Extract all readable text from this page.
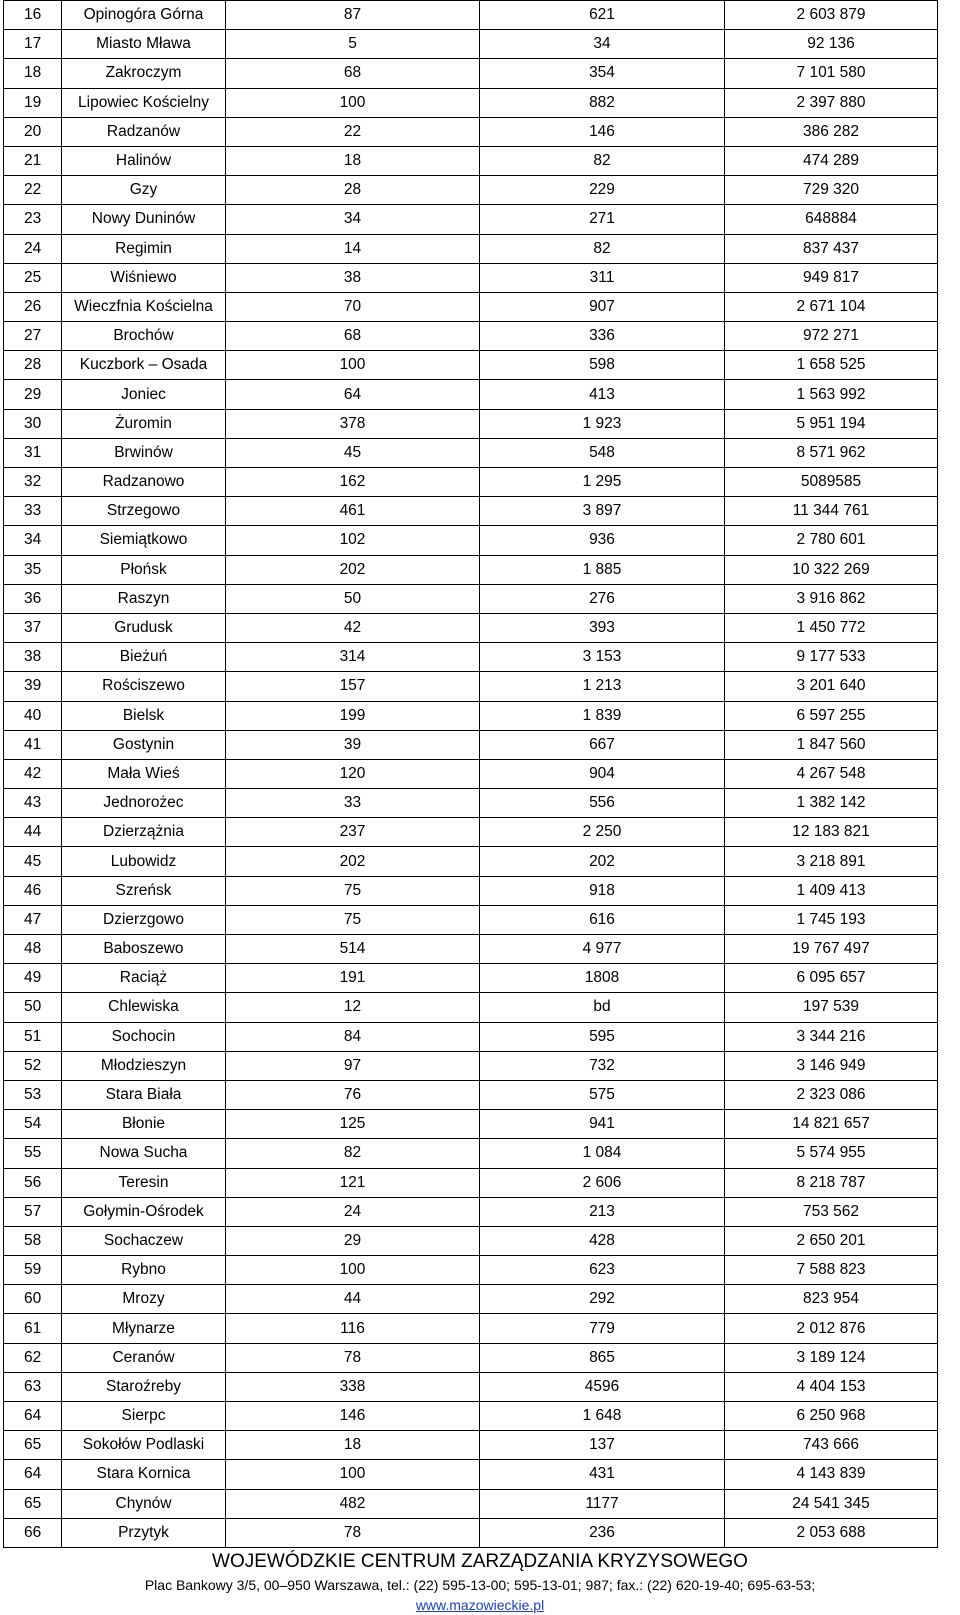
16	Opinogóra Górna	87	621	2 603 879
17	Miasto Mława	5	34	92 136
18	Zakroczym	68	354	7 101 580
19	Lipowiec Kościelny	100	882	2 397 880
20	Radzanów	22	146	386 282
21	Halinów	18	82	474 289
22	Gzy	28	229	729 320
23	Nowy Duninów	34	271	648884
24	Regimin	14	82	837 437
25	Wiśniewo	38	311	949 817
26	Wieczfnia Kościelna	70	907	2 671 104
27	Brochów	68	336	972 271
28	Kuczbork – Osada	100	598	1 658 525
29	Joniec	64	413	1 563 992
30	Żuromin	378	1 923	5 951 194
31	Brwinów	45	548	8 571 962
32	Radzanowo	162	1 295	5089585
33	Strzegowo	461	3 897	11 344 761
34	Siemiątkowo	102	936	2 780 601
35	Płońsk	202	1 885	10 322 269
36	Raszyn	50	276	3 916 862
37	Grudusk	42	393	1 450 772
38	Bieżuń	314	3 153	9 177 533
39	Rościszewo	157	1 213	3 201 640
40	Bielsk	199	1 839	6 597 255
41	Gostynin	39	667	1 847 560
42	Mała Wieś	120	904	4 267 548
43	Jednorożec	33	556	1 382 142
44	Dzierzążnia	237	2 250	12 183 821
45	Lubowidz	202	202	3 218 891
46	Szreńsk	75	918	1 409 413
47	Dzierzgowo	75	616	1 745 193
48	Baboszewo	514	4 977	19 767 497
49	Raciąż	191	1808	6 095 657
50	Chlewiska	12	bd	197 539
51	Sochocin	84	595	3 344 216
52	Młodzieszyn	97	732	3 146 949
53	Stara Biała	76	575	2 323 086
54	Błonie	125	941	14 821 657
55	Nowa Sucha	82	1 084	5 574 955
56	Teresin	121	2 606	8 218 787
57	Gołymin-Ośrodek	24	213	753 562
58	Sochaczew	29	428	2 650 201
59	Rybno	100	623	7 588 823
60	Mrozy	44	292	823 954
61	Młynarze	116	779	2 012 876
62	Ceranów	78	865	3 189 124
63	Staroźreby	338	4596	4 404 153
64	Sierpc	146	1 648	6 250 968
65	Sokołów Podlaski	18	137	743 666
64	Stara Kornica	100	431	4 143 839
65	Chynów	482	1177	24 541 345
66	Przytyk	78	236	2 053 688
WOJEWÓDZKIE CENTRUM ZARZĄDZANIA KRYZYSOWEGO
Plac Bankowy 3/5, 00–950 Warszawa, tel.: (22) 595-13-00; 595-13-01; 987; fax.: (22) 620-19-40; 695-63-53;
www.mazowieckie.pl
